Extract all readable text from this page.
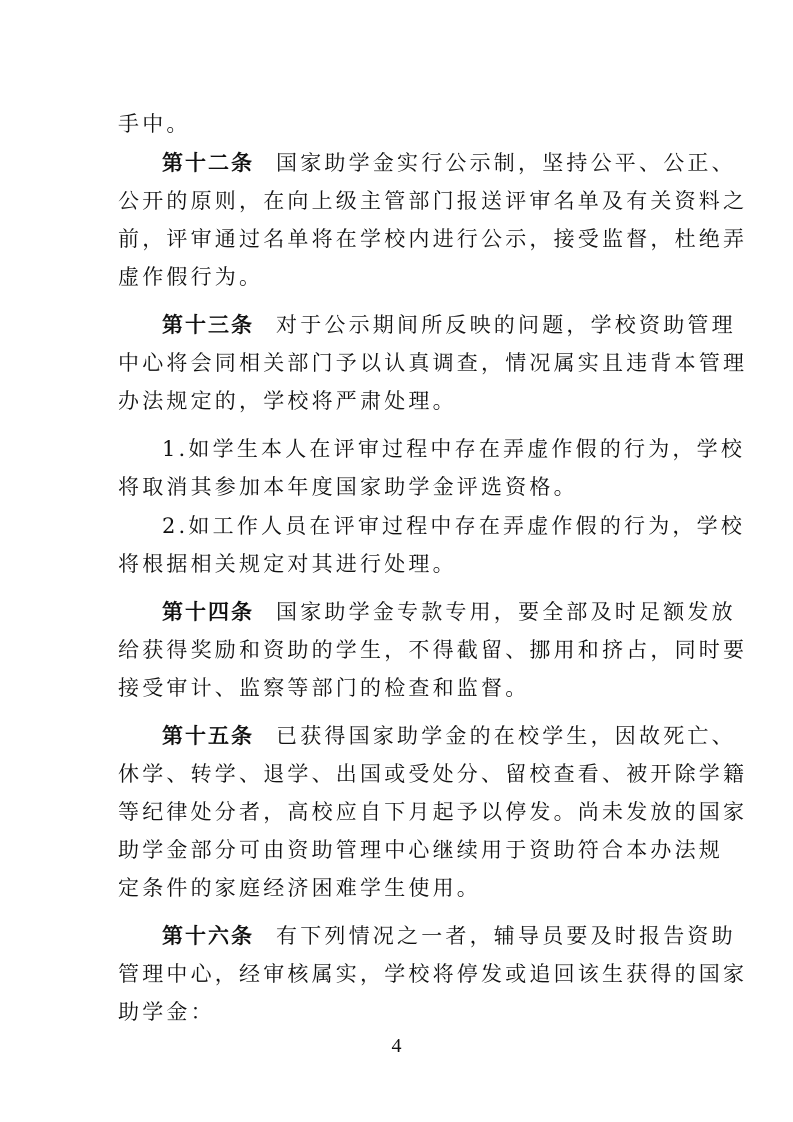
手中。
第十二条 国家助学金实行公示制，坚持公平、公正、
公开的原则，在向上级主管部门报送评审名单及有关资料之
前，评审通过名单将在学校内进行公示，接受监督，杜绝弄
虚作假行为。
第十三条 对于公示期间所反映的问题，学校资助管理
中心将会同相关部门予以认真调查，情况属实且违背本管理
办法规定的，学校将严肃处理。
1.如学生本人在评审过程中存在弄虚作假的行为，学校
将取消其参加本年度国家助学金评选资格。
2.如工作人员在评审过程中存在弄虚作假的行为，学校
将根据相关规定对其进行处理。
第十四条 国家助学金专款专用，要全部及时足额发放
给获得奖励和资助的学生，不得截留、挪用和挤占，同时要
接受审计、监察等部门的检查和监督。
第十五条 已获得国家助学金的在校学生，因故死亡、
休学、转学、退学、出国或受处分、留校查看、被开除学籍
等纪律处分者，高校应自下月起予以停发。尚未发放的国家
助学金部分可由资助管理中心继续用于资助符合本办法规
定条件的家庭经济困难学生使用。
第十六条 有下列情况之一者，辅导员要及时报告资助
管理中心，经审核属实，学校将停发或追回该生获得的国家
助学金：
4
